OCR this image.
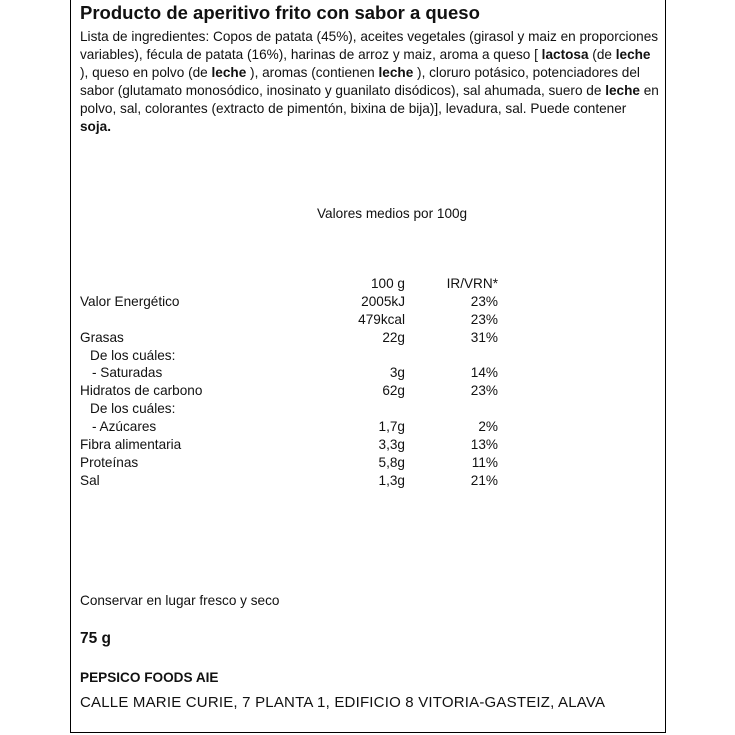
Producto de aperitivo frito con sabor a queso
Lista de ingredientes: Copos de patata (45%), aceites vegetales (girasol y maiz en proporciones variables), fécula de patata (16%), harinas de arroz y maiz, aroma a queso [ lactosa (de leche ), queso en polvo (de leche ), aromas (contienen leche ), cloruro potásico, potenciadores del sabor (glutamato monosódico, inosinato y guanilato disódicos), sal ahumada, suero de leche en polvo, sal, colorantes (extracto de pimentón, bixina de bija)], levadura, sal. Puede contener soja.
Valores medios por 100g
100 g	IR/VRN*
Valor Energético	2005kJ	23%
479kcal	23%
Grasas	22g	31%
De los cuáles:
- Saturadas	3g	14%
Hidratos de carbono	62g	23%
De los cuáles:
- Azúcares	1,7g	2%
Fibra alimentaria	3,3g	13%
Proteínas	5,8g	11%
Sal	1,3g	21%
Conservar en lugar fresco y seco
75 g
PEPSICO FOODS AIE
CALLE MARIE CURIE, 7 PLANTA 1, EDIFICIO 8 VITORIA-GASTEIZ, ALAVA
